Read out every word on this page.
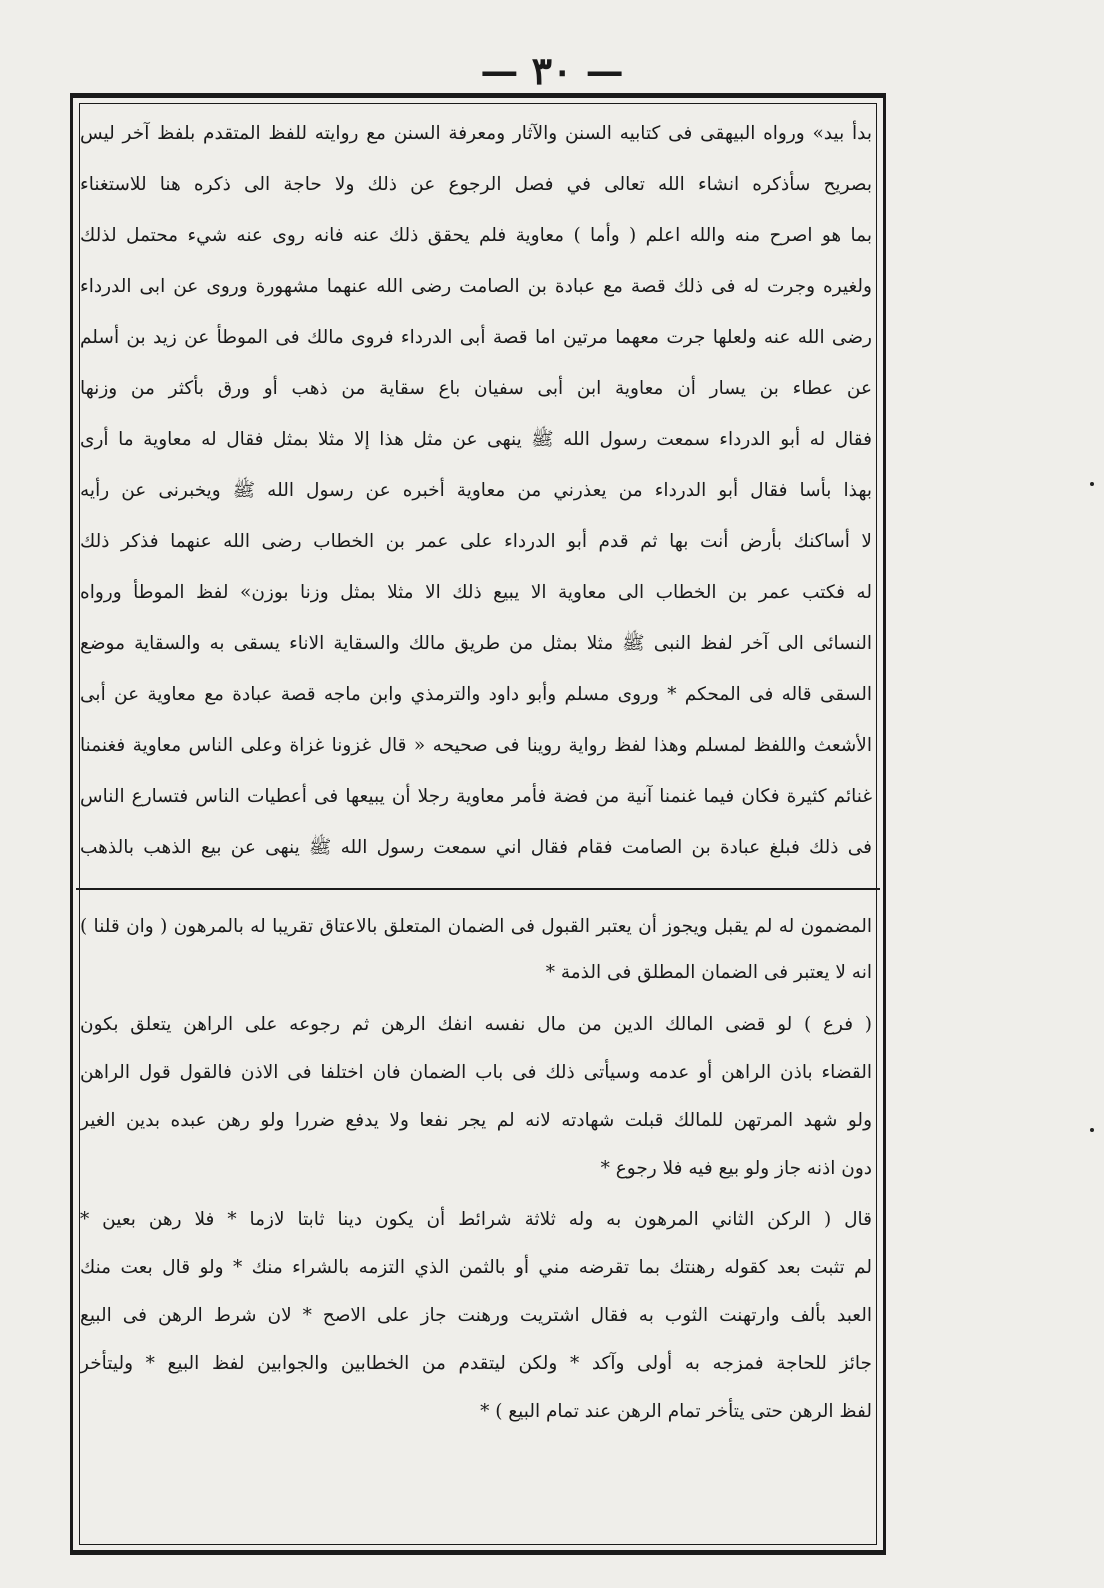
— ٣٠ —
بدأ بيد» ورواه البيهقى فى كتابيه السنن والآثار ومعرفة السنن مع روايته للفظ المتقدم بلفظ آخر ليس
بصريح سأذكره انشاء الله تعالى في فصل الرجوع عن ذلك ولا حاجة الى ذكره هنا للاستغناء
بما هو اصرح منه والله اعلم ( وأما ) معاوية فلم يحقق ذلك عنه فانه روى عنه شيء محتمل لذلك
ولغيره وجرت له فى ذلك قصة مع عبادة بن الصامت رضى الله عنهما مشهورة وروى عن ابى الدرداء
رضى الله عنه ولعلها جرت معهما مرتين اما قصة أبى الدرداء فروى مالك فى الموطأ عن زيد بن أسلم
عن عطاء بن يسار أن معاوية ابن أبى سفيان باع سقاية من ذهب أو ورق بأكثر من وزنها
فقال له أبو الدرداء سمعت رسول الله ﷺ ينهى عن مثل هذا إلا مثلا بمثل فقال له معاوية ما أرى
بهذا بأسا فقال أبو الدرداء من يعذرني من معاوية أخبره عن رسول الله ﷺ ويخبرنى عن رأيه
لا أساكنك بأرض أنت بها ثم قدم أبو الدرداء على عمر بن الخطاب رضى الله عنهما فذكر ذلك
له فكتب عمر بن الخطاب الى معاوية الا يبيع ذلك الا مثلا بمثل وزنا بوزن» لفظ الموطأ ورواه
النسائى الى آخر لفظ النبى ﷺ مثلا بمثل من طريق مالك والسقاية الاناء يسقى به والسقاية موضع
السقى قاله فى المحكم * وروى مسلم وأبو داود والترمذي وابن ماجه قصة عبادة مع معاوية عن أبى
الأشعث واللفظ لمسلم وهذا لفظ رواية روينا فى صحيحه « قال غزونا غزاة وعلى الناس معاوية فغنمنا
غنائم كثيرة فكان فيما غنمنا آنية من فضة فأمر معاوية رجلا أن يبيعها فى أعطيات الناس فتسارع الناس
فى ذلك فبلغ عبادة بن الصامت فقام فقال اني سمعت رسول الله ﷺ ينهى عن بيع الذهب بالذهب
المضمون له لم يقبل ويجوز أن يعتبر القبول فى الضمان المتعلق بالاعتاق تقريبا له بالمرهون ( وان قلنا )
انه لا يعتبر فى الضمان المطلق فى الذمة *
( فرع ) لو قضى المالك الدين من مال نفسه انفك الرهن ثم رجوعه على الراهن يتعلق بكون
القضاء باذن الراهن أو عدمه وسيأتى ذلك فى باب الضمان فان اختلفا فى الاذن فالقول قول الراهن
ولو شهد المرتهن للمالك قبلت شهادته لانه لم يجر نفعا ولا يدفع ضررا ولو رهن عبده بدين الغير
دون اذنه جاز ولو بيع فيه فلا رجوع *
قال ( الركن الثاني المرهون به وله ثلاثة شرائط أن يكون دينا ثابتا لازما * فلا رهن بعين *
لم تثبت بعد كقوله رهنتك بما تقرضه مني أو بالثمن الذي التزمه بالشراء منك * ولو قال بعت منك
العبد بألف وارتهنت الثوب به فقال اشتريت ورهنت جاز على الاصح * لان شرط الرهن فى البيع
جائز للحاجة فمزجه به أولى وآكد * ولكن ليتقدم من الخطابين والجوابين لفظ البيع * وليتأخر
لفظ الرهن حتى يتأخر تمام الرهن عند تمام البيع ) *
